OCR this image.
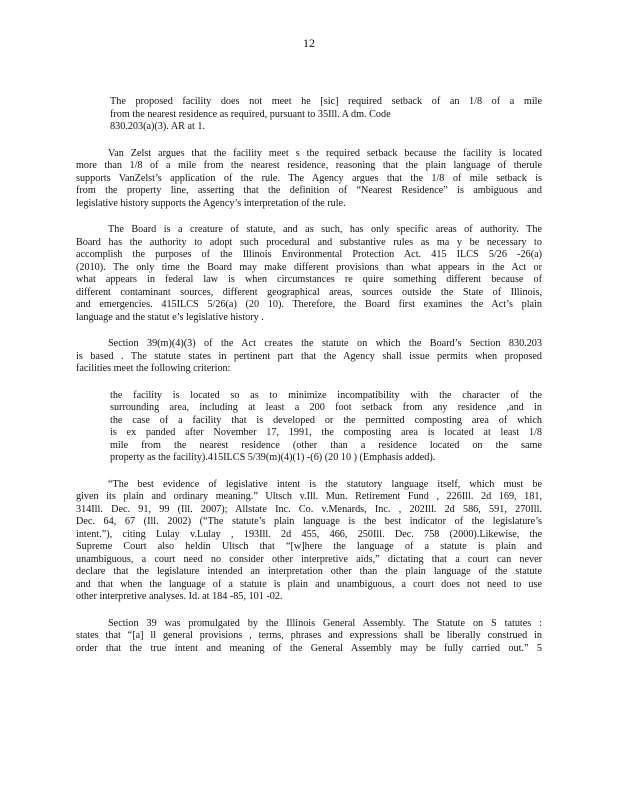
12
The proposed facility does not meet he [sic] required setback of an 1/8 of a mile
from the nearest residence as required, pursuant to 35Ill. A dm. Code
830.203(a)(3). AR at 1.
Van Zelst argues that the facility meet s the required setback because the facility is located
more than 1/8 of a mile from the nearest residence, reasoning that the plain language of therule
supports VanZelst’s application of the rule. The Agency argues that the 1/8 of mile setback is
from the property line, asserting that the definition of “Nearest Residence” is ambiguous and
legislative history supports the Agency’s interpretation of the rule.
The Board is a creature of statute, and as such, has only specific areas of authority. The
Board has the authority to adopt such procedural and substantive rules as ma y be necessary to
accomplish the purposes of the Illinois Environmental Protection Act. 415 ILCS 5/26 -26(a)
(2010). The only time the Board may make different provisions than what appears in the Act or
what appears in federal law is when circumstances re quire something different because of
different contaminant sources, different geographical areas, sources outside the State of Illinois,
and emergencies. 415ILCS 5/26(a) (20 10). Therefore, the Board first examines the Act’s plain
language and the statut e’s legislative history .
Section 39(m)(4)(3) of the Act creates the statute on which the Board’s Section 830.203
is based . The statute states in pertinent part that the Agency shall issue permits when proposed
facilities meet the following criterion:
the facility is located so as to minimize incompatibility with the character of the
surrounding area, including at least a 200 foot setback from any residence ,and in
the case of a facility that is developed or the permitted composting area of which
is ex panded after November 17, 1991, the composting area is located at least 1/8
mile from the nearest residence (other than a residence located on the same
property as the facility).415ILCS 5/39(m)(4)(1) -(6) (20 10 ) (Emphasis added).
“The best evidence of legislative intent is the statutory language itself, which must be
given its plain and ordinary meaning.” Ultsch v.Ill. Mun. Retirement Fund , 226Ill. 2d 169, 181,
314Ill. Dec. 91, 99 (Ill. 2007); Allstate Inc. Co. v.Menards, Inc. , 202Ill. 2d 586, 591, 270Ill.
Dec. 64, 67 (Ill. 2002) (“The statute’s plain language is the best indicator of the legislature’s
intent.”), citing Lulay v.Lulay , 193Ill. 2d 455, 466, 250Ill. Dec. 758 (2000).Likewise, the
Supreme Court also heldin Ultsch that “[w]here the language of a statute is plain and
unambiguous, a court need no consider other interpretive aids,” dictating that a court can never
declare that the legislature intended an interpretation other than the plain language of the statute
and that when the language of a statute is plain and unambiguous, a court does not need to use
other interpretive analyses. Id. at 184 -85, 101 -02.
Section 39 was promulgated by the Illinois General Assembly. The Statute on S tatutes :
states that “[a] ll general provisions , terms, phrases and expressions shall be liberally construed in
order that the true intent and meaning of the General Assembly may be fully carried out.” 5
